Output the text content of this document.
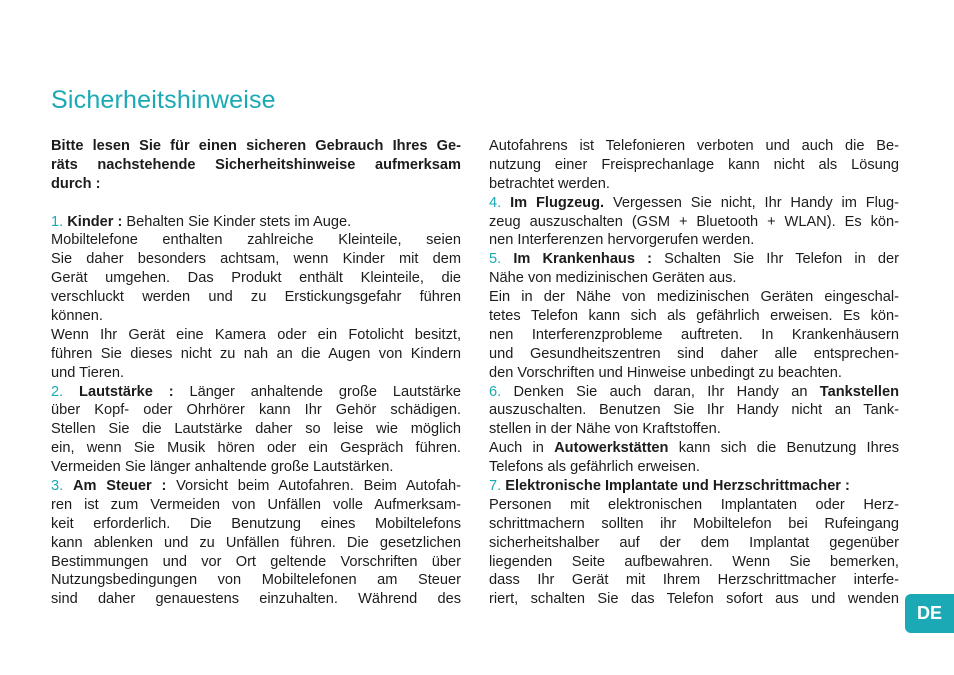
Sicherheitshinweise
Bitte lesen Sie für einen sicheren Gebrauch Ihres Ge-
räts nachstehende Sicherheitshinweise aufmerksam
durch :
1. Kinder : Behalten Sie Kinder stets im Auge.
Mobiltelefone enthalten zahlreiche Kleinteile, seien
Sie daher besonders achtsam, wenn Kinder mit dem
Gerät umgehen. Das Produkt enthält Kleinteile, die
verschluckt werden und zu Erstickungsgefahr führen
können.
Wenn Ihr Gerät eine Kamera oder ein Fotolicht besitzt,
führen Sie dieses nicht zu nah an die Augen von Kindern
und Tieren.
2. Lautstärke : Länger anhaltende große Lautstärke
über Kopf- oder Ohrhörer kann Ihr Gehör schädigen.
Stellen Sie die Lautstärke daher so leise wie möglich
ein, wenn Sie Musik hören oder ein Gespräch führen.
Vermeiden Sie länger anhaltende große Lautstärken.
3. Am Steuer : Vorsicht beim Autofahren. Beim Autofah-
ren ist zum Vermeiden von Unfällen volle Aufmerksam-
keit erforderlich. Die Benutzung eines Mobiltelefons
kann ablenken und zu Unfällen führen. Die gesetzlichen
Bestimmungen und vor Ort geltende Vorschriften über
Nutzungsbedingungen von Mobiltelefonen am Steuer
sind daher genauestens einzuhalten. Während des
Autofahrens ist Telefonieren verboten und auch die Be-
nutzung einer Freisprechanlage kann nicht als Lösung
betrachtet werden.
4. Im Flugzeug. Vergessen Sie nicht, Ihr Handy im Flug-
zeug auszuschalten (GSM + Bluetooth + WLAN). Es kön-
nen Interferenzen hervorgerufen werden.
5. Im Krankenhaus : Schalten Sie Ihr Telefon in der
Nähe von medizinischen Geräten aus.
Ein in der Nähe von medizinischen Geräten eingeschal-
tetes Telefon kann sich als gefährlich erweisen. Es kön-
nen Interferenzprobleme auftreten. In Krankenhäusern
und Gesundheitszentren sind daher alle entsprechen-
den Vorschriften und Hinweise unbedingt zu beachten.
6. Denken Sie auch daran, Ihr Handy an Tankstellen
auszuschalten. Benutzen Sie Ihr Handy nicht an Tank-
stellen in der Nähe von Kraftstoffen.
Auch in Autowerkstätten kann sich die Benutzung Ihres
Telefons als gefährlich erweisen.
7. Elektronische Implantate und Herzschrittmacher :
Personen mit elektronischen Implantaten oder Herz-
schrittmachern sollten ihr Mobiltelefon bei Rufeingang
sicherheitshalber auf der dem Implantat gegenüber
liegenden Seite aufbewahren. Wenn Sie bemerken,
dass Ihr Gerät mit Ihrem Herzschrittmacher interfe-
riert, schalten Sie das Telefon sofort aus und wenden
DE
